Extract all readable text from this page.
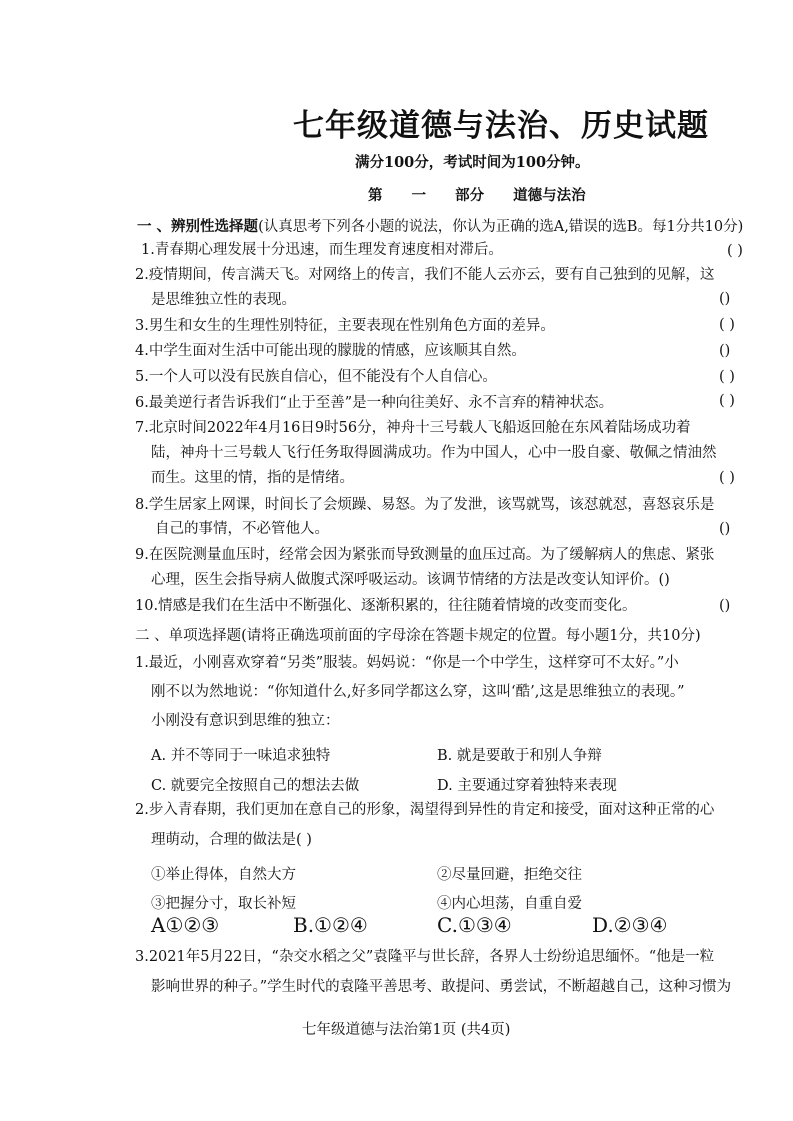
七年级道德与法治、历史试题
满分100分，考试时间为100分钟。
第 一 部分 道德与法治
一 、辨别性选择题(认真思考下列各小题的说法，你认为正确的选A,错误的选B。每1分共10分)
1.青春期心理发展十分迅速，而生理发育速度相对滞后。	( )
2.疫情期间，传言满天飞。对网络上的传言，我们不能人云亦云，要有自己独到的见解，这
是思维独立性的表现。	()
3.男生和女生的生理性别特征，主要表现在性别角色方面的差异。	( )
4.中学生面对生活中可能出现的朦胧的情感，应该顺其自然。	()
5.一个人可以没有民族自信心，但不能没有个人自信心。	( )
6.最美逆行者告诉我们“止于至善”是一种向往美好、永不言弃的精神状态。	( )
7.北京时间2022年4月16日9时56分，神舟十三号载人飞船返回舱在东风着陆场成功着
陆，神舟十三号载人飞行任务取得圆满成功。作为中国人，心中一股自豪、敬佩之情油然
而生。这里的情，指的是情绪。	( )
8.学生居家上网课，时间长了会烦躁、易怒。为了发泄，该骂就骂，该怼就怼，喜怒哀乐是
自己的事情，不必管他人。	()
9.在医院测量血压时，经常会因为紧张而导致测量的血压过高。为了缓解病人的焦虑、紧张
心理，医生会指导病人做腹式深呼吸运动。该调节情绪的方法是改变认知评价。()
10.情感是我们在生活中不断强化、逐渐积累的，往往随着情境的改变而变化。	()
二 、单项选择题(请将正确选项前面的字母涂在答题卡规定的位置。每小题1分，共10分)
1.最近，小刚喜欢穿着“另类”服装。妈妈说：“你是一个中学生，这样穿可不太好。”小
刚不以为然地说：“你知道什么,好多同学都这么穿，这叫‘酷’,这是思维独立的表现。”
小刚没有意识到思维的独立：
A. 并不等同于一味追求独特	B. 就是要敢于和别人争辩
C. 就要完全按照自己的想法去做	D. 主要通过穿着独特来表现
2.步入青春期，我们更加在意自己的形象，渴望得到异性的肯定和接受，面对这种正常的心
理萌动，合理的做法是( )
①举止得体，自然大方	②尽量回避，拒绝交往
③把握分寸，取长补短	④内心坦荡，自重自爱
A①②③	B.①②④	C.①③④	D.②③④
3.2021年5月22日，“杂交水稻之父”袁隆平与世长辞，各界人士纷纷追思缅怀。“他是一粒
影响世界的种子。”学生时代的袁隆平善思考、敢提问、勇尝试，不断超越自己，这种习惯为
七年级道德与法治第1页 (共4页)
